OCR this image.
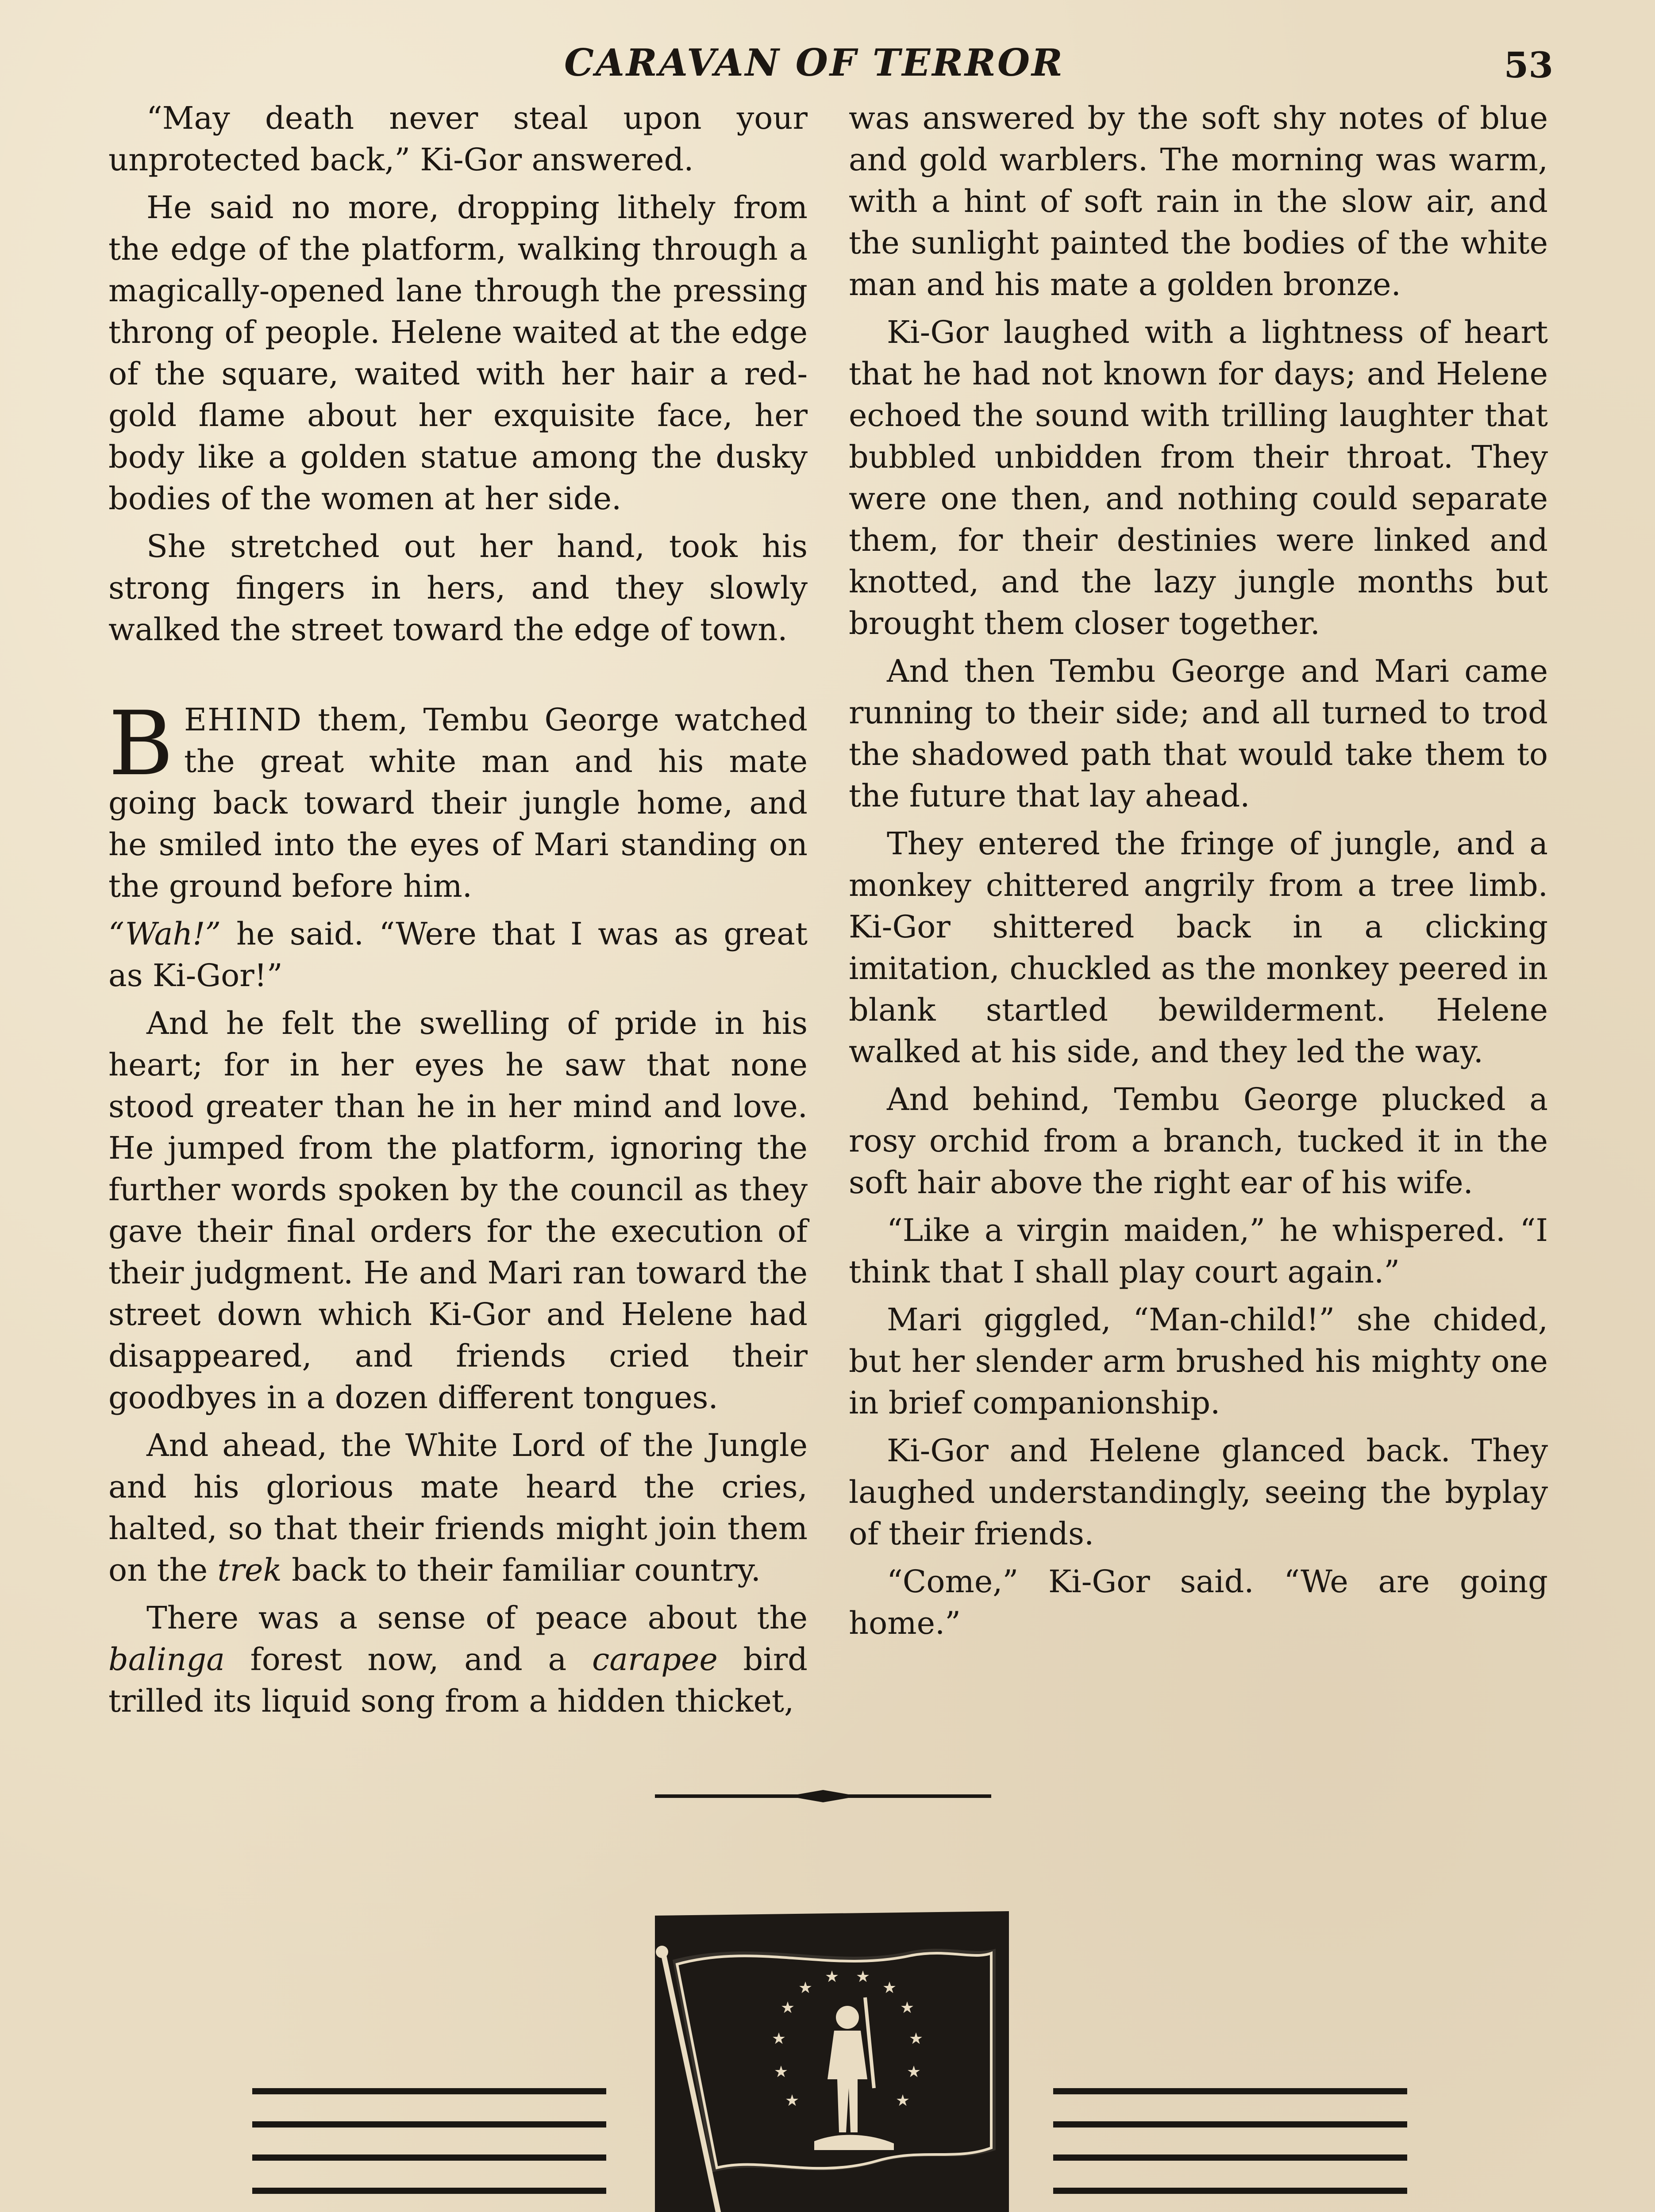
CARAVAN OF TERROR	53

“May death never steal upon your unprotected back,” Ki-Gor answered.

He said no more, dropping lithely from the edge of the platform, walking through a magically-opened lane through the pressing throng of people. Helene waited at the edge of the square, waited with her hair a red-gold flame about her exquisite face, her body like a golden statue among the dusky bodies of the women at her side.

She stretched out her hand, took his strong fingers in hers, and they slowly walked the street toward the edge of town.

BEHIND them, Tembu George watched the great white man and his mate going back toward their jungle home, and he smiled into the eyes of Mari standing on the ground before him.

“Wah!” he said. “Were that I was as great as Ki-Gor!”

And he felt the swelling of pride in his heart; for in her eyes he saw that none stood greater than he in her mind and love. He jumped from the platform, ignoring the further words spoken by the council as they gave their final orders for the execution of their judgment. He and Mari ran toward the street down which Ki-Gor and Helene had disappeared, and friends cried their goodbyes in a dozen different tongues.

And ahead, the White Lord of the Jungle and his glorious mate heard the cries, halted, so that their friends might join them on the trek back to their familiar country.

There was a sense of peace about the balinga forest now, and a carapee bird trilled its liquid song from a hidden thicket,

was answered by the soft shy notes of blue and gold warblers. The morning was warm, with a hint of soft rain in the slow air, and the sunlight painted the bodies of the white man and his mate a golden bronze.

Ki-Gor laughed with a lightness of heart that he had not known for days; and Helene echoed the sound with trilling laughter that bubbled unbidden from their throat. They were one then, and nothing could separate them, for their destinies were linked and knotted, and the lazy jungle months but brought them closer together.

And then Tembu George and Mari came running to their side; and all turned to trod the shadowed path that would take them to the future that lay ahead.

They entered the fringe of jungle, and a monkey chittered angrily from a tree limb. Ki-Gor shittered back in a clicking imitation, chuckled as the monkey peered in blank startled bewilderment. Helene walked at his side, and they led the way.

And behind, Tembu George plucked a rosy orchid from a branch, tucked it in the soft hair above the right ear of his wife.

“Like a virgin maiden,” he whispered. “I think that I shall play court again.”

Mari giggled, “Man-child!” she chided, but her slender arm brushed his mighty one in brief companionship.

Ki-Gor and Helene glanced back. They laughed understandingly, seeing the byplay of their friends.

“Come,” Ki-Gor said. “We are going home.”

★
★
★ ★
★
★
★
★
★
★
★
★
